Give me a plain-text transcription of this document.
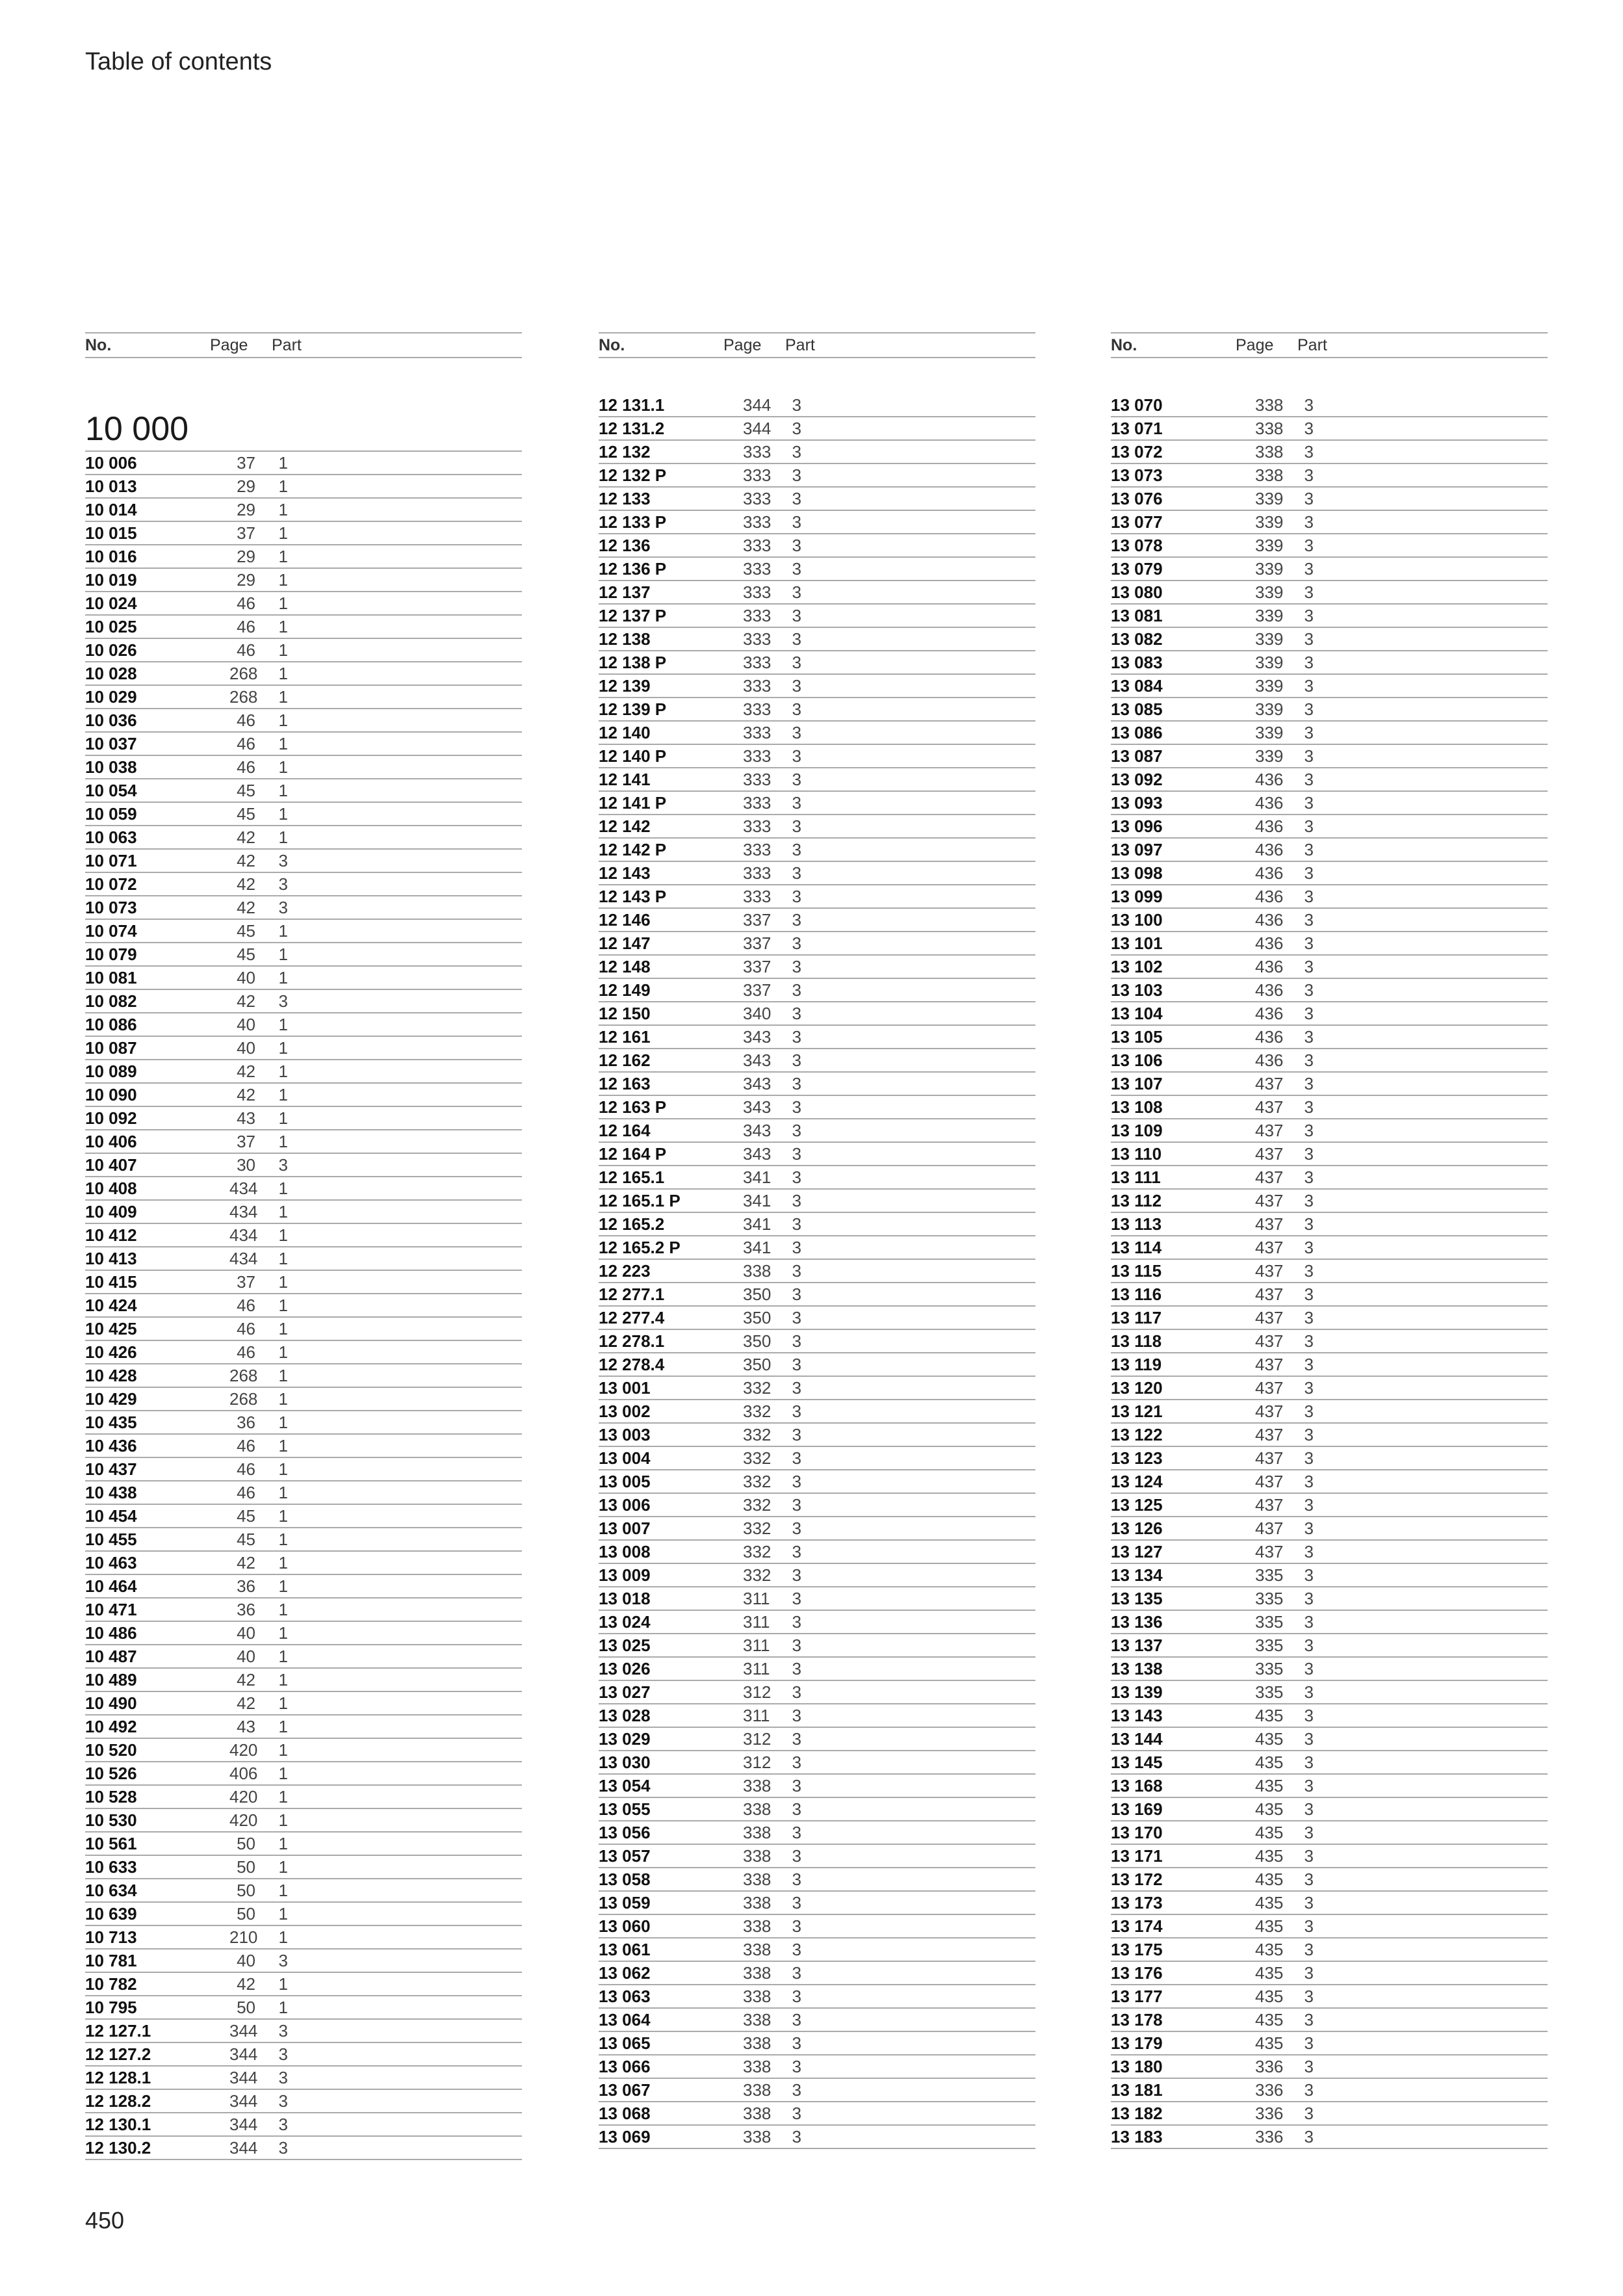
Table of contents
No.	Page	Part
10 000
10 006	37	1
10 013	29	1
10 014	29	1
10 015	37	1
10 016	29	1
10 019	29	1
10 024	46	1
10 025	46	1
10 026	46	1
10 028	268	1
10 029	268	1
10 036	46	1
10 037	46	1
10 038	46	1
10 054	45	1
10 059	45	1
10 063	42	1
10 071	42	3
10 072	42	3
10 073	42	3
10 074	45	1
10 079	45	1
10 081	40	1
10 082	42	3
10 086	40	1
10 087	40	1
10 089	42	1
10 090	42	1
10 092	43	1
10 406	37	1
10 407	30	3
10 408	434	1
10 409	434	1
10 412	434	1
10 413	434	1
10 415	37	1
10 424	46	1
10 425	46	1
10 426	46	1
10 428	268	1
10 429	268	1
10 435	36	1
10 436	46	1
10 437	46	1
10 438	46	1
10 454	45	1
10 455	45	1
10 463	42	1
10 464	36	1
10 471	36	1
10 486	40	1
10 487	40	1
10 489	42	1
10 490	42	1
10 492	43	1
10 520	420	1
10 526	406	1
10 528	420	1
10 530	420	1
10 561	50	1
10 633	50	1
10 634	50	1
10 639	50	1
10 713	210	1
10 781	40	3
10 782	42	1
10 795	50	1
12 127.1	344	3
12 127.2	344	3
12 128.1	344	3
12 128.2	344	3
12 130.1	344	3
12 130.2	344	3
No.	Page	Part
12 131.1	344	3
12 131.2	344	3
12 132	333	3
12 132 P	333	3
12 133	333	3
12 133 P	333	3
12 136	333	3
12 136 P	333	3
12 137	333	3
12 137 P	333	3
12 138	333	3
12 138 P	333	3
12 139	333	3
12 139 P	333	3
12 140	333	3
12 140 P	333	3
12 141	333	3
12 141 P	333	3
12 142	333	3
12 142 P	333	3
12 143	333	3
12 143 P	333	3
12 146	337	3
12 147	337	3
12 148	337	3
12 149	337	3
12 150	340	3
12 161	343	3
12 162	343	3
12 163	343	3
12 163 P	343	3
12 164	343	3
12 164 P	343	3
12 165.1	341	3
12 165.1 P	341	3
12 165.2	341	3
12 165.2 P	341	3
12 223	338	3
12 277.1	350	3
12 277.4	350	3
12 278.1	350	3
12 278.4	350	3
13 001	332	3
13 002	332	3
13 003	332	3
13 004	332	3
13 005	332	3
13 006	332	3
13 007	332	3
13 008	332	3
13 009	332	3
13 018	311	3
13 024	311	3
13 025	311	3
13 026	311	3
13 027	312	3
13 028	311	3
13 029	312	3
13 030	312	3
13 054	338	3
13 055	338	3
13 056	338	3
13 057	338	3
13 058	338	3
13 059	338	3
13 060	338	3
13 061	338	3
13 062	338	3
13 063	338	3
13 064	338	3
13 065	338	3
13 066	338	3
13 067	338	3
13 068	338	3
13 069	338	3
No.	Page	Part
13 070	338	3
13 071	338	3
13 072	338	3
13 073	338	3
13 076	339	3
13 077	339	3
13 078	339	3
13 079	339	3
13 080	339	3
13 081	339	3
13 082	339	3
13 083	339	3
13 084	339	3
13 085	339	3
13 086	339	3
13 087	339	3
13 092	436	3
13 093	436	3
13 096	436	3
13 097	436	3
13 098	436	3
13 099	436	3
13 100	436	3
13 101	436	3
13 102	436	3
13 103	436	3
13 104	436	3
13 105	436	3
13 106	436	3
13 107	437	3
13 108	437	3
13 109	437	3
13 110	437	3
13 111	437	3
13 112	437	3
13 113	437	3
13 114	437	3
13 115	437	3
13 116	437	3
13 117	437	3
13 118	437	3
13 119	437	3
13 120	437	3
13 121	437	3
13 122	437	3
13 123	437	3
13 124	437	3
13 125	437	3
13 126	437	3
13 127	437	3
13 134	335	3
13 135	335	3
13 136	335	3
13 137	335	3
13 138	335	3
13 139	335	3
13 143	435	3
13 144	435	3
13 145	435	3
13 168	435	3
13 169	435	3
13 170	435	3
13 171	435	3
13 172	435	3
13 173	435	3
13 174	435	3
13 175	435	3
13 176	435	3
13 177	435	3
13 178	435	3
13 179	435	3
13 180	336	3
13 181	336	3
13 182	336	3
13 183	336	3
450
